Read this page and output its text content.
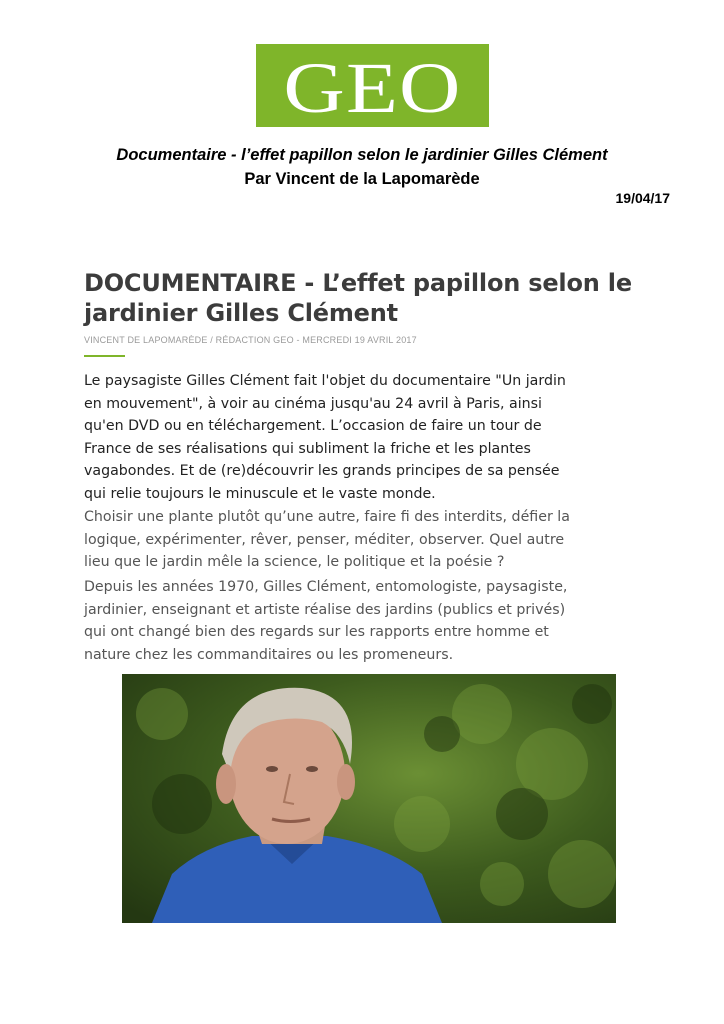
GEO
Documentaire - l’effet papillon selon le jardinier Gilles Clément
Par Vincent de la Lapomarède
19/04/17
DOCUMENTAIRE - L’effet papillon selon le jardinier Gilles Clément
VINCENT DE LAPOMARÈDE / RÉDACTION GEO - MERCREDI 19 AVRIL 2017

Le paysagiste Gilles Clément fait l'objet du documentaire "Un jardin en mouvement", à voir au cinéma jusqu'au 24 avril à Paris, ainsi qu'en DVD ou en téléchargement. L’occasion de faire un tour de France de ses réalisations qui subliment la friche et les plantes vagabondes. Et de (re)découvrir les grands principes de sa pensée qui relie toujours le minuscule et le vaste monde.

Choisir une plante plutôt qu’une autre, faire fi des interdits, défier la logique, expérimenter, rêver, penser, méditer, observer. Quel autre lieu que le jardin mêle la science, le politique et la poésie ?

Depuis les années 1970, Gilles Clément, entomologiste, paysagiste, jardinier, enseignant et artiste réalise des jardins (publics et privés) qui ont changé bien des regards sur les rapports entre homme et nature chez les commanditaires ou les promeneurs.
